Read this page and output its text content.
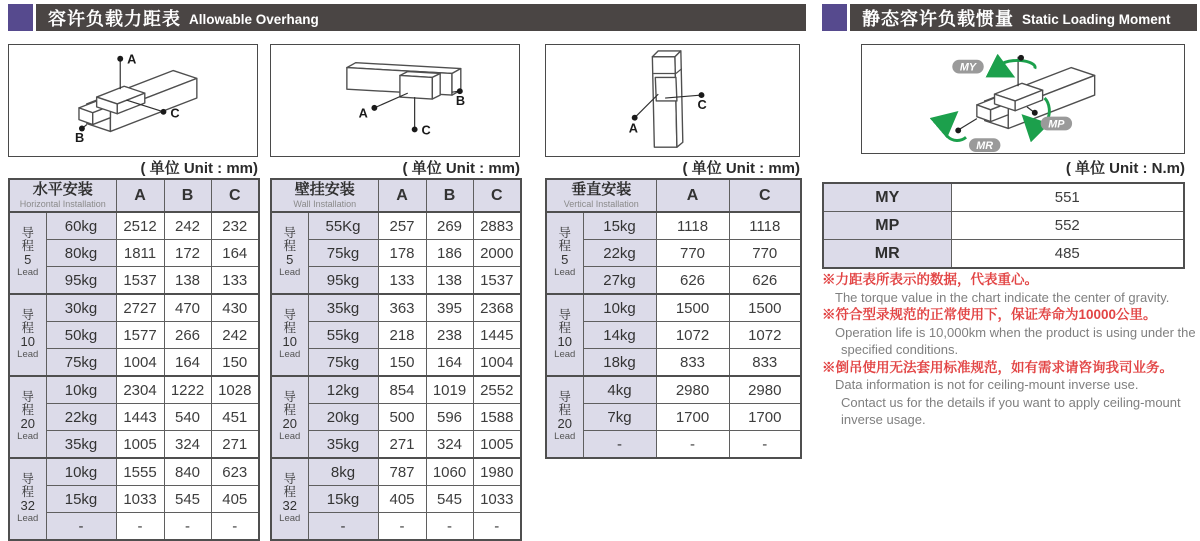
容许负载力距表 Allowable Overhang	静态容许负载惯量 Static Loading Moment
A
B
C	A
B
C	A
C
MY
MP
MR
( 单位 Unit : mm)	( 单位 Unit : mm)	( 单位 Unit : mm)	( 单位 Unit : N.m)
水平安装
Horizontal Installation		A	B	C

导
程
5
Lead	60kg	2512	242	232
	80kg	1811	172	164
	95kg	1537	138	133

导
程
10
Lead	30kg	2727	470	430
	50kg	1577	266	242
	75kg	1004	164	150

导
程
20
Lead	10kg	2304	1222	1028
	22kg	1443	540	451
	35kg	1005	324	271

导
程
32
Lead	10kg	1555	840	623
	15kg	1033	545	405
	-	-	-	-
壁挂安装
Wall Installation		A	B	C

导
程
5
Lead	55Kg	257	269	2883
	75kg	178	186	2000
	95kg	133	138	1537

导
程
10
Lead	35kg	363	395	2368
	55kg	218	238	1445
	75kg	150	164	1004

导
程
20
Lead	12kg	854	1019	2552
	20kg	500	596	1588
	35kg	271	324	1005

导
程
32
Lead	8kg	787	1060	1980
	15kg	405	545	1033
	-	-	-	-
垂直安装
Vertical Installation		A	C

导
程
5
Lead	15kg	1118	1118
	22kg	770	770
	27kg	626	626

导
程
10
Lead	10kg	1500	1500
	14kg	1072	1072
	18kg	833	833

导
程
20
Lead	4kg	2980	2980
	7kg	1700	1700
	-	-	-
MY	551
MP	552
MR	485
※力距表所表示的数据，代表重心。
The torque value in the chart indicate the center of gravity.
※符合型录规范的正常使用下，保证寿命为10000公里。
Operation life is 10,000km when the product is using under the
specified conditions.
※倒吊使用无法套用标准规范，如有需求请咨询我司业务。
Data information is not for ceiling-mount inverse use.
Contact us for the details if you want to apply ceiling-mount
inverse usage.
